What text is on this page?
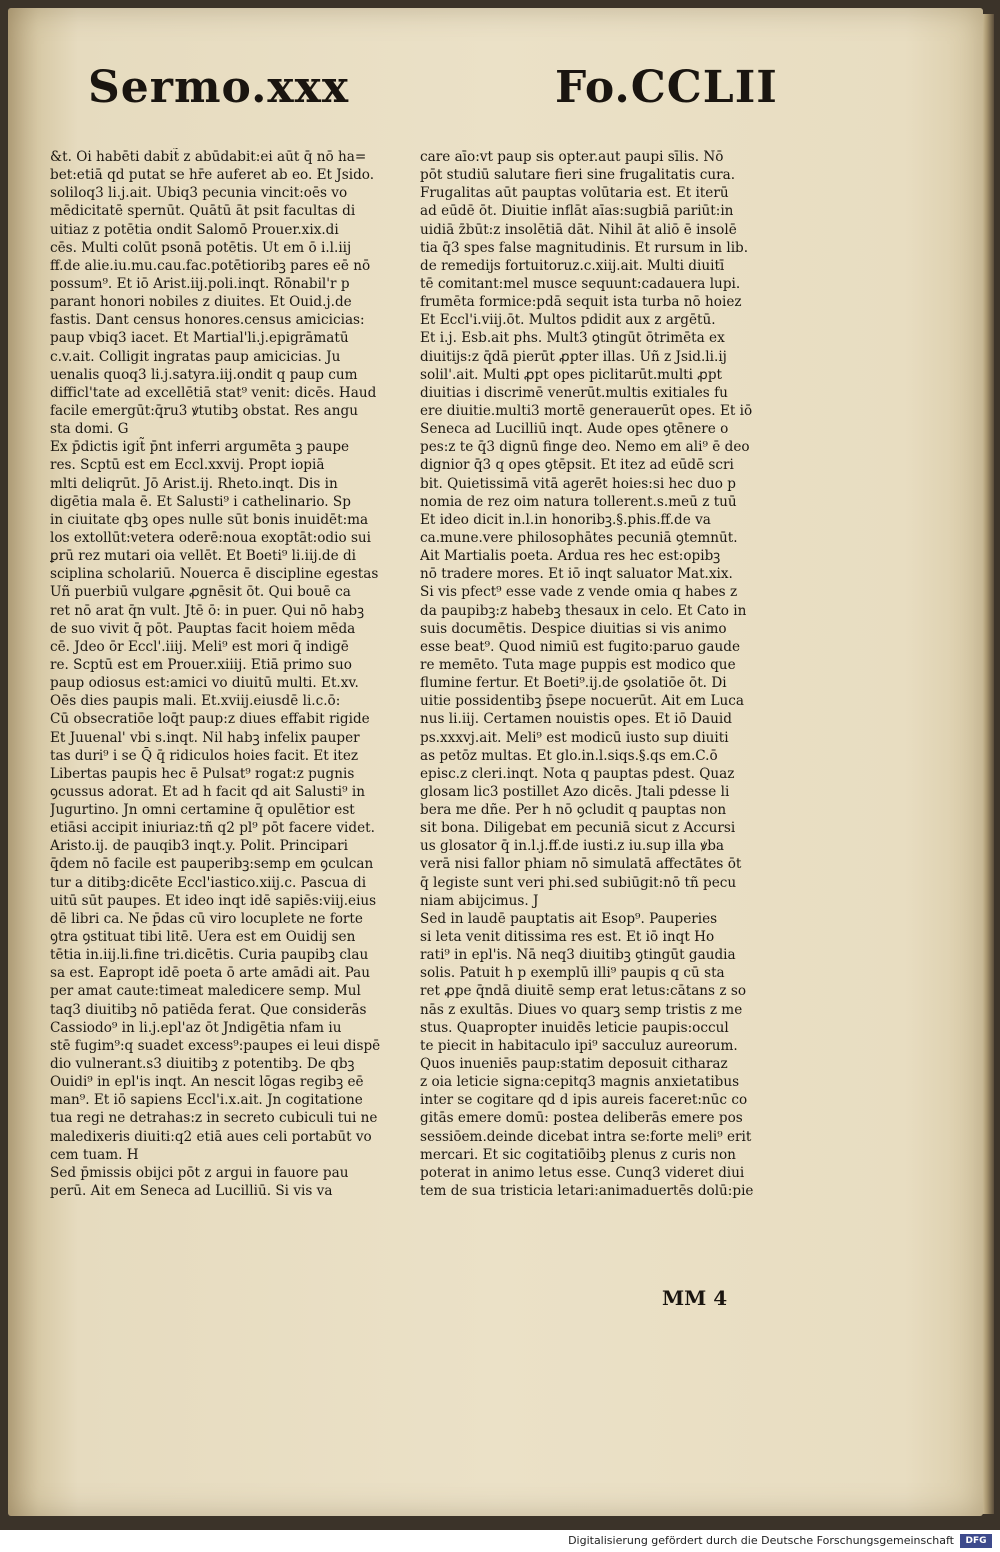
Sermo.xxx	Fo.CCLII
&t. Oi habēti dabit̃ z abūdabit:ei aūt q̄ nō ha=
bet:etiā qd putat se hr̄e auferet ab eo. Et Jsido.
soliloq3 li.j.ait. Ubiq3 pecunia vincit:oēs vo
mēdicitatē spernūt. Quātū āt psit facultas di
uitiaz z potētia ondit Salomō Prouer.xix.di
cēs. Multi colūt psonā potētis. Ut em ō i.l.iij
ff.de alie.iu.mu.cau.fac.potētioribꝫ pares eē nō
possum⁹. Et iō Arist.iij.poli.inqt. Rōnabil'r p
parant honori nobiles z diuites. Et Ouid.j.de
fastis. Dant census honores.census amicicias:
paup vbiq3 iacet. Et Martial'li.j.epigrāmatū
c.v.ait. Colligit ingratas paup amicicias. Ju
uenalis quoq3 li.j.satyra.iij.ondit q paup cum
difficl'tate ad excellētiā stat⁹ venit: dicēs. Haud
facile emergūt:q̄ru3 ꝟtutibꝫ obstat. Res angu
sta domi. G
Ex p̄dictis igit̃ p̄nt inferri argumēta ꝫ paupe
res. Scptū est em Eccl.xxvij. Propt iopiā
mlti deliqrūt. Jō Arist.ij. Rheto.inqt. Dis in
digētia mala ē. Et Salusti⁹ i cathelinario. Sp
in ciuitate qbꝫ opes nulle sūt bonis inuidēt:ma
los extollūt:vetera oderē:noua exoptāt:odio sui
ꝑrū rez mutari oia vellēt. Et Boeti⁹ li.iij.de di
sciplina scholariū. Nouerca ē discipline egestas
Uñ puerbiū vulgare ꝓgnēsit ōt. Qui bouē ca
ret nō arat q̄n vult. Jtē ō: in puer. Qui nō habꝫ
de suo vivit q̄ pōt. Pauptas facit hoiem mēda
cē. Jdeo ōr Eccl'.iiij. Meli⁹ est mori q̄ indigē
re. Scptū est em Prouer.xiiij. Etiā primo suo
paup odiosus est:amici vo diuitū multi. Et.xv.
Oēs dies paupis mali. Et.xviij.eiusdē li.c.ō:
Cū obsecratiōe loq̄t paup:z diues effabit rigide
Et Juuenal' vbi s.inqt. Nil habꝫ infelix pauper
tas duri⁹ i se Q̄ q̄ ridiculos hoies facit. Et itez
Libertas paupis hec ē Pulsat⁹ rogat:z pugnis
ꝯcussus adorat. Et ad h facit qd ait Salusti⁹ in
Jugurtino. Jn omni certamine q̄ opulētior est
etiāsi accipit iniuriaz:tñ q2 pl⁹ pōt facere videt.
Aristo.ij. de pauqib3 inqt.y. Polit. Principari
q̄dem nō facile est pauperibꝫ:semp em ꝯculcan
tur a ditibꝫ:dicēte Eccl'iastico.xiij.c. Pascua di
uitū sūt paupes. Et ideo inqt idē sapiēs:viij.eius
dē libri ca. Ne p̄das cū viro locuplete ne forte
ꝯtra ꝯstituat tibi litē. Uera est em Ouidij sen
tētia in.iij.li.fine tri.dicētis. Curia paupibꝫ clau
sa est. Eapropt idē poeta ō arte amādi ait. Pau
per amat caute:timeat maledicere semp. Mul
taq3 diuitibꝫ nō patiēda ferat. Que considerās
Cassiodo⁹ in li.j.epl'az ōt Jndigētia nfam iu
stē fugim⁹:q suadet excess⁹:paupes ei leui dispē
dio vulnerant.s3 diuitibꝫ z potentibꝫ. De qbꝫ
Ouidi⁹ in epl'is inqt. An nescit lōgas regibꝫ eē
man⁹. Et iō sapiens Eccl'i.x.ait. Jn cogitatione
tua regi ne detrahas:z in secreto cubiculi tui ne
maledixeris diuiti:q2 etiā aues celi portabūt vo
cem tuam. H
Sed p̄missis obijci pōt z argui in fauore pau
perū. Ait em Seneca ad Lucilliū. Si vis va
care aīo:vt paup sis opter.aut paupi sīlis. Nō
pōt studiū salutare fieri sine frugalitatis cura.
Frugalitas aūt pauptas volūtaria est. Et iterū
ad eūdē ōt. Diuitie inflāt aīas:sugbiā pariūt:in
uidiā z̄būt:z insolētiā dāt. Nihil āt aliō ē insolē
tia q̄3 spes false magnitudinis. Et rursum in lib.
de remedijs fortuitoruz.c.xiij.ait. Multi diuitī
tē comitant:mel musce sequunt:cadauera lupi.
frumēta formice:pdā sequit ista turba nō hoiez
Et Eccl'i.viij.ōt. Multos pdidit aux z argētū.
Et i.j. Esb.ait phs. Mult3 ꝯtingūt ōtrimēta ex
diuitijs:z q̄dā pierūt ꝓpter illas. Uñ z Jsid.li.ij
solil'.ait. Multi ꝓpt opes piclitarūt.multi ꝓpt
diuitias i discrimē venerūt.multis exitiales fu
ere diuitie.multi3 mortē generauerūt opes. Et iō
Seneca ad Lucilliū inqt. Aude opes ꝯtēnere o
pes:z te q̄3 dignū finge deo. Nemo em ali⁹ ē deo
dignior q̄3 q opes ꝯtēpsit. Et itez ad eūdē scri
bit. Quietissimā vitā agerēt hoies:si hec duo p
nomia de rez oim natura tollerent.s.meū z tuū
Et ideo dicit in.l.in honoribꝫ.§.phis.ff.de va
ca.mune.vere philosophātes pecuniā ꝯtemnūt.
Ait Martialis poeta. Ardua res hec est:opibꝫ
nō tradere mores. Et iō inqt saluator Mat.xix.
Si vis pfect⁹ esse vade z vende omia q habes z
da paupibꝫ:z habebꝫ thesaux in celo. Et Cato in
suis documētis. Despice diuitias si vis animo
esse beat⁹. Quod nimiū est fugito:paruo gaude
re memēto. Tuta mage puppis est modico que
flumine fertur. Et Boeti⁹.ij.de ꝯsolatiōe ōt. Di
uitie possidentibꝫ p̄sepe nocuerūt. Ait em Luca
nus li.iij. Certamen nouistis opes. Et iō Dauid
ps.xxxvj.ait. Meli⁹ est modicū iusto sup diuiti
as petōz multas. Et glo.in.l.siqs.§.qs em.C.ō
episc.z cleri.inqt. Nota q pauptas pdest. Quaz
glosam lic3 postillet Azo dicēs. Jtali pdesse li
bera me dñe. Per h nō ꝯcludit q pauptas non
sit bona. Diligebat em pecuniā sicut z Accursi
us glosator q̄ in.l.j.ff.de iusti.z iu.sup illa ꝟba
verā nisi fallor phiam nō simulatā affectātes ōt
q̄ legiste sunt veri phi.sed subiūgit:nō tñ pecu
niam abijcimus. J
Sed in laudē pauptatis ait Esop⁹. Pauperies
si leta venit ditissima res est. Et iō inqt Ho
rati⁹ in epl'is. Nā neq3 diuitibꝫ ꝯtingūt gaudia
solis. Patuit h p exemplū illi⁹ paupis q cū sta
ret ꝓpe q̄ndā diuitē semp erat letus:cātans z so
nās z exultās. Diues vo quarꝫ semp tristis z me
stus. Quapropter inuidēs leticie paupis:occul
te piecit in habitaculo ipi⁹ sacculuz aureorum.
Quos inueniēs paup:statim deposuit citharaz
z oia leticie signa:cepitq3 magnis anxietatibus
inter se cogitare qd d ipis aureis faceret:nūc co
gitās emere domū: postea deliberās emere pos
sessiōem.deinde dicebat intra se:forte meli⁹ erit
mercari. Et sic cogitatiōibꝫ plenus z curis non
poterat in animo letus esse. Cunq3 videret diui
tem de sua tristicia letari:animaduertēs dolū:pie
MM 4
Digitalisierung gefördert durch die Deutsche Forschungsgemeinschaft	DFG
